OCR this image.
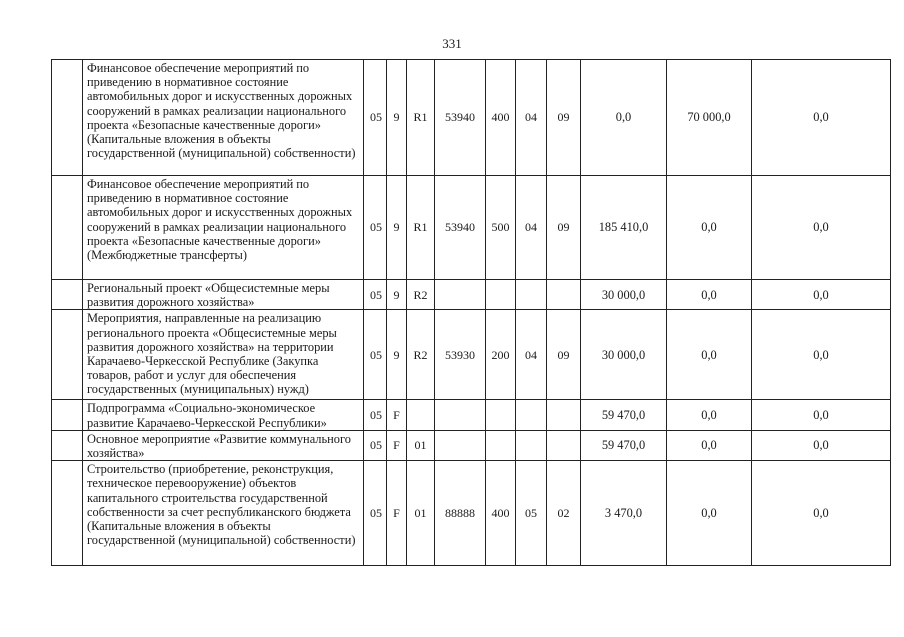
331
	Финансовое обеспечение мероприятий по приведению в нормативное состояние автомобильных дорог и искусственных дорожных сооружений в рамках реализации национального проекта «Безопасные качественные дороги» (Капитальные вложения в объекты государственной (муниципальной) собственности)	05	9	R1	53940	400	04	09	0,0	70 000,0	0,0
	Финансовое обеспечение мероприятий по приведению в нормативное состояние автомобильных дорог и искусственных дорожных сооружений в рамках реализации национального проекта «Безопасные качественные дороги» (Межбюджетные трансферты)	05	9	R1	53940	500	04	09	185 410,0	0,0	0,0
	Региональный проект «Общесистемные меры развития дорожного хозяйства»	05	9	R2					30 000,0	0,0	0,0
	Мероприятия, направленные на реализацию регионального проекта «Общесистемные меры развития дорожного хозяйства» на территории Карачаево-Черкесской Республике (Закупка товаров, работ и услуг для обеспечения государственных (муниципальных) нужд)	05	9	R2	53930	200	04	09	30 000,0	0,0	0,0
	Подпрограмма «Социально-экономическое развитие Карачаево-Черкесской Республики»	05	F						59 470,0	0,0	0,0
	Основное мероприятие «Развитие коммунального хозяйства»	05	F	01					59 470,0	0,0	0,0
	Строительство (приобретение, реконструкция, техническое перевооружение) объектов капитального строительства государственной собственности за счет республиканского бюджета (Капитальные вложения в объекты государственной (муниципальной) собственности)	05	F	01	88888	400	05	02	3 470,0	0,0	0,0
